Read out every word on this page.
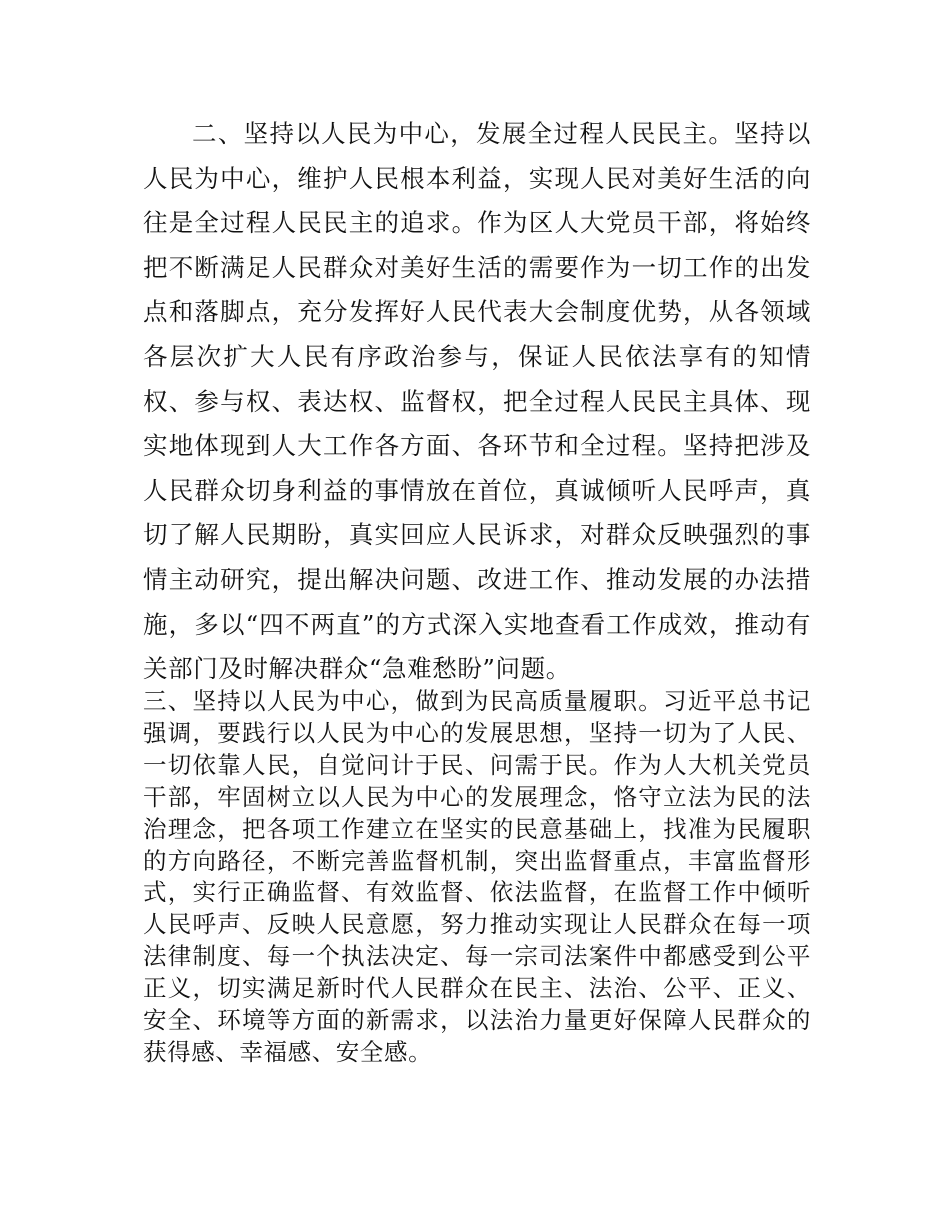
二、坚持以人民为中心，发展全过程人民民主。坚持以人民为中心，维护人民根本利益，实现人民对美好生活的向往是全过程人民民主的追求。作为区人大党员干部，将始终把不断满足人民群众对美好生活的需要作为一切工作的出发点和落脚点，充分发挥好人民代表大会制度优势，从各领域各层次扩大人民有序政治参与，保证人民依法享有的知情权、参与权、表达权、监督权，把全过程人民民主具体、现实地体现到人大工作各方面、各环节和全过程。坚持把涉及人民群众切身利益的事情放在首位，真诚倾听人民呼声，真切了解人民期盼，真实回应人民诉求，对群众反映强烈的事情主动研究，提出解决问题、改进工作、推动发展的办法措施，多以“四不两直”的方式深入实地查看工作成效，推动有关部门及时解决群众“急难愁盼”问题。

三、坚持以人民为中心，做到为民高质量履职。习近平总书记强调，要践行以人民为中心的发展思想，坚持一切为了人民、一切依靠人民，自觉问计于民、问需于民。作为人大机关党员干部，牢固树立以人民为中心的发展理念，恪守立法为民的法治理念，把各项工作建立在坚实的民意基础上，找准为民履职的方向路径，不断完善监督机制，突出监督重点，丰富监督形式，实行正确监督、有效监督、依法监督，在监督工作中倾听人民呼声、反映人民意愿，努力推动实现让人民群众在每一项法律制度、每一个执法决定、每一宗司法案件中都感受到公平正义，切实满足新时代人民群众在民主、法治、公平、正义、安全、环境等方面的新需求，以法治力量更好保障人民群众的获得感、幸福感、安全感。
